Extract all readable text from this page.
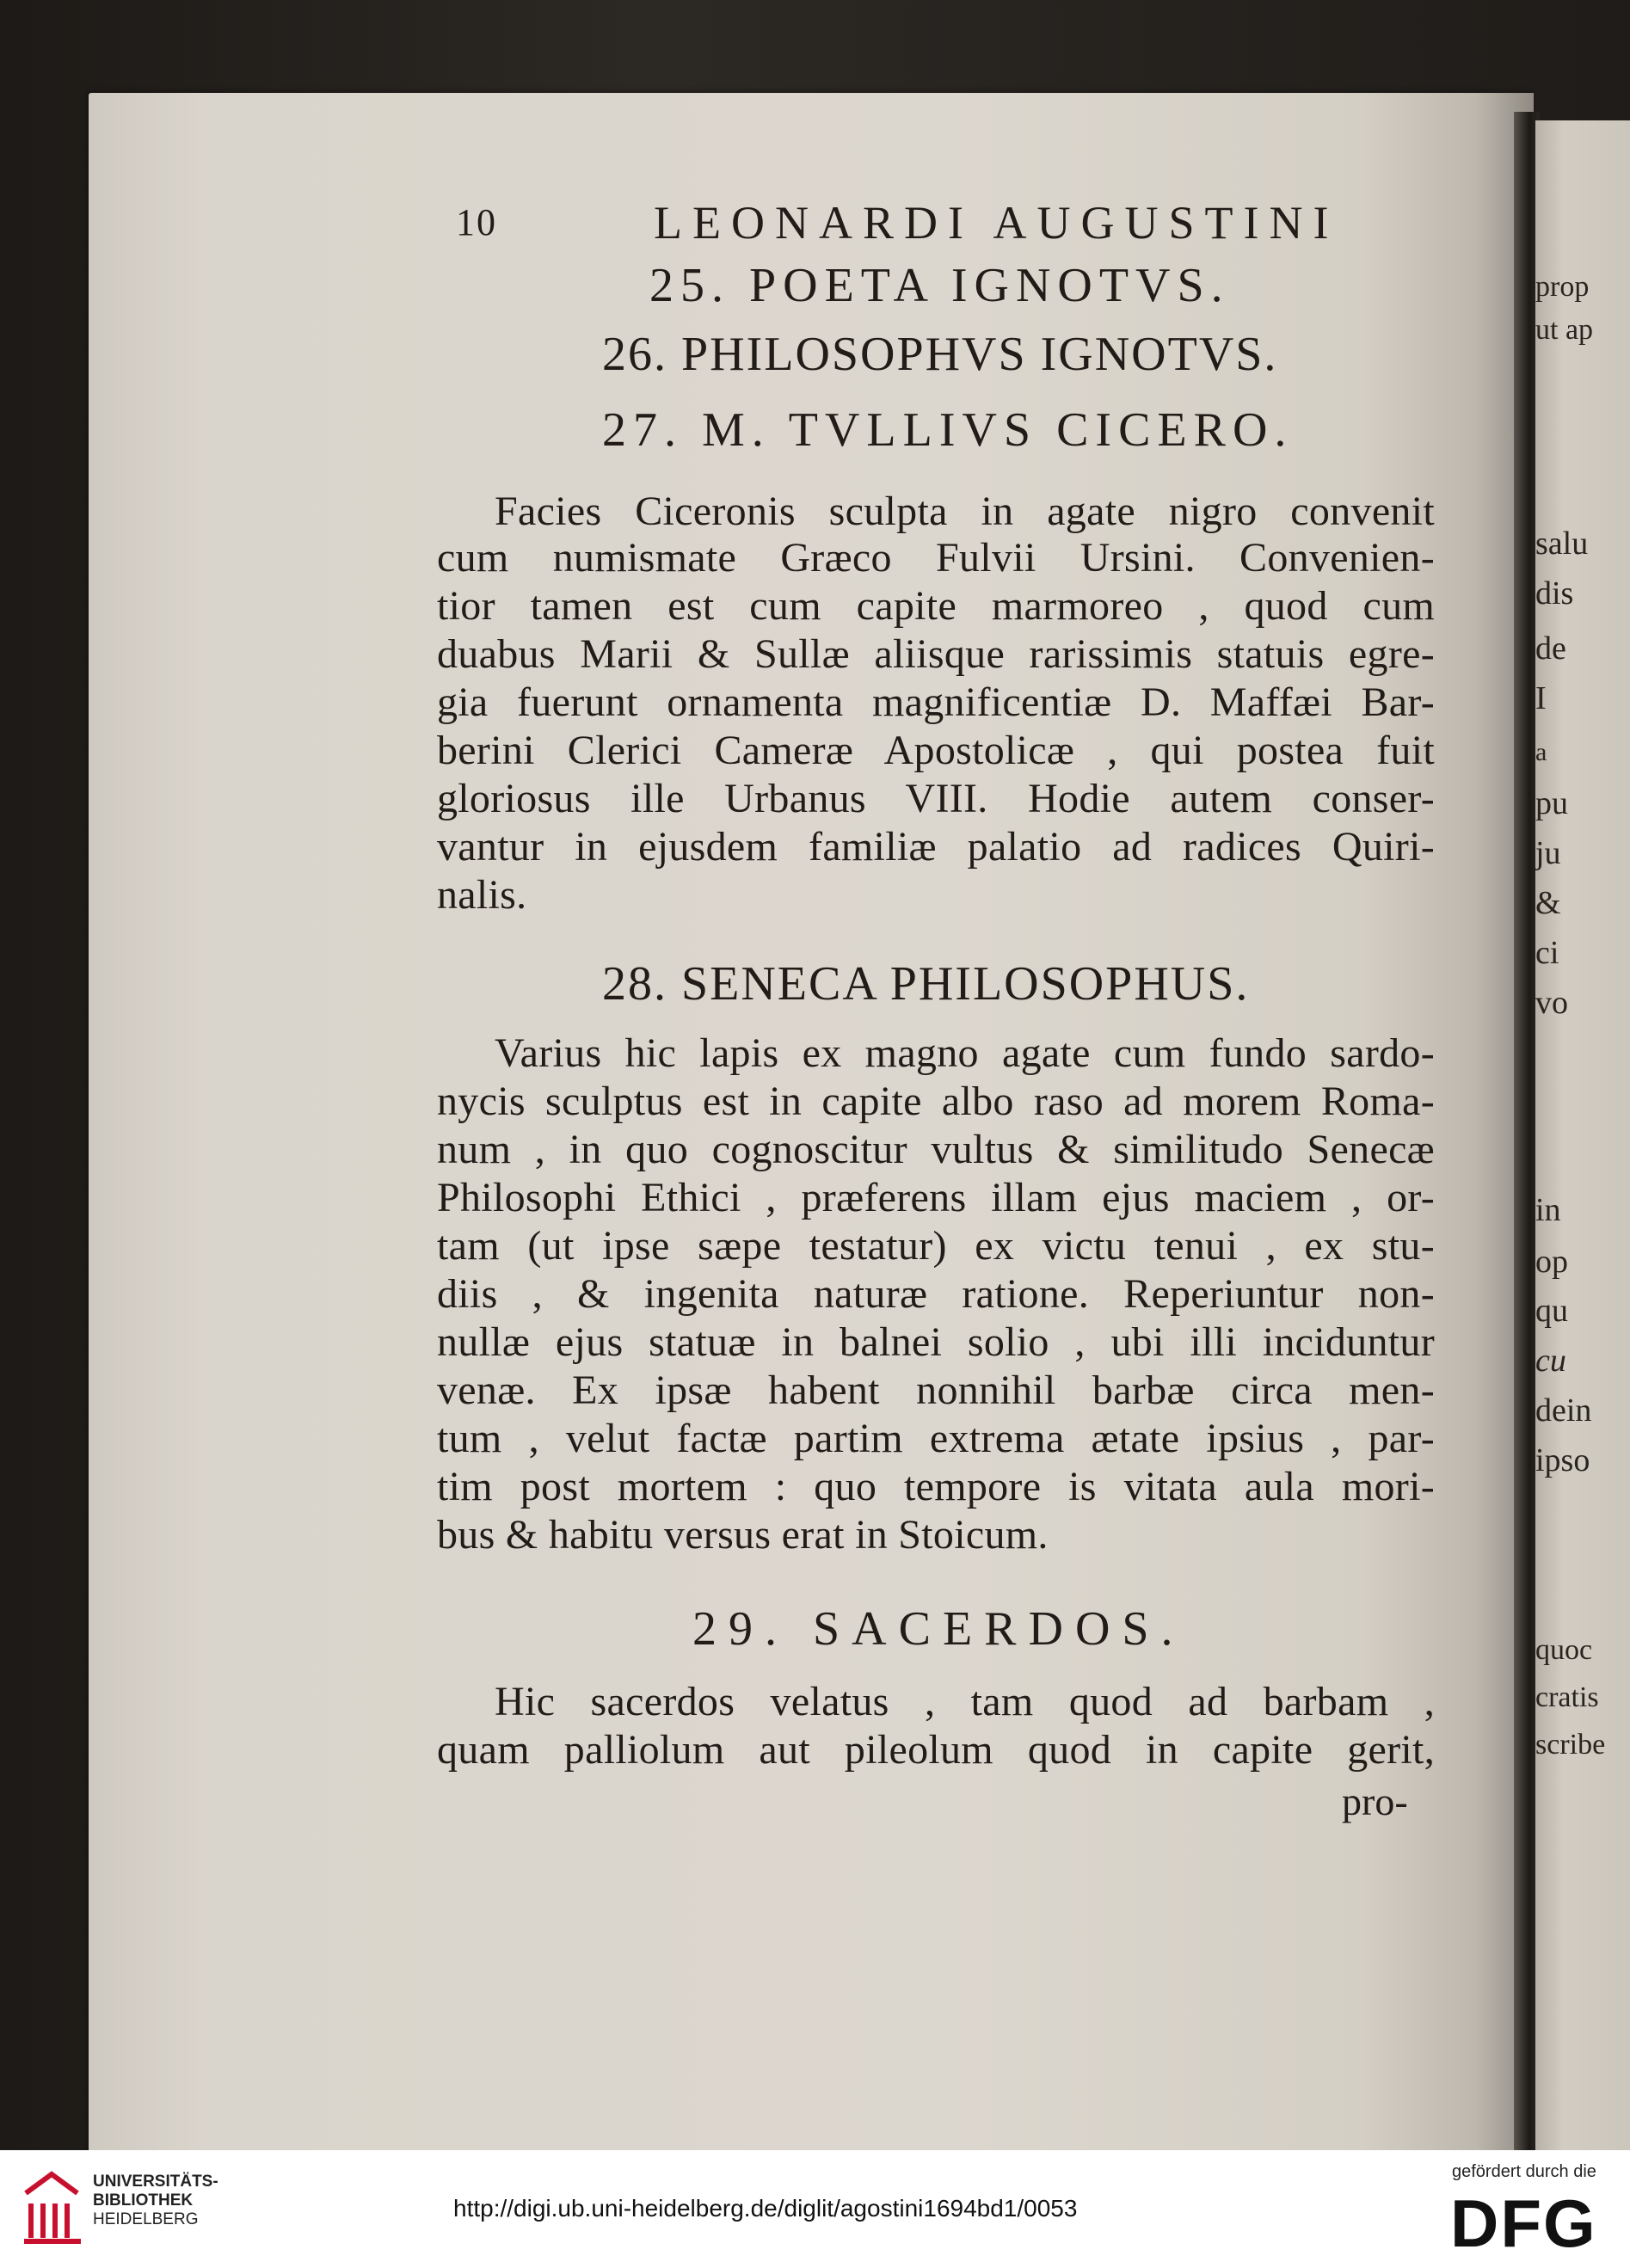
prop
ut ap
salu
dis
de
I
a
pu
ju
&
ci
vo
in
op
qu
cu
dein
ipso
quoc
cratis
scribe
10	LEONARDI AUGUSTINI
25. POETA IGNOTVS.
26. PHILOSOPHVS IGNOTVS.
27. M. TVLLIVS CICERO.
Facies Ciceronis sculpta in agate nigro convenit
cum numismate Græco Fulvii Ursini. Convenien-
tior tamen est cum capite marmoreo , quod cum
duabus Marii & Sullæ aliisque rarissimis statuis egre-
gia fuerunt ornamenta magnificentiæ D. Maffæi Bar-
berini Clerici Cameræ Apostolicæ , qui postea fuit
gloriosus ille Urbanus VIII. Hodie autem conser-
vantur in ejusdem familiæ palatio ad radices Quiri-
nalis.
28. SENECA PHILOSOPHUS.
Varius hic lapis ex magno agate cum fundo sardo-
nycis sculptus est in capite albo raso ad morem Roma-
num , in quo cognoscitur vultus & similitudo Senecæ
Philosophi Ethici , præferens illam ejus maciem , or-
tam (ut ipse sæpe testatur) ex victu tenui , ex stu-
diis , & ingenita naturæ ratione. Reperiuntur non-
nullæ ejus statuæ in balnei solio , ubi illi inciduntur
venæ. Ex ipsæ habent nonnihil barbæ circa men-
tum , velut factæ partim extrema ætate ipsius , par-
tim post mortem : quo tempore is vitata aula mori-
bus & habitu versus erat in Stoicum.
29. SACERDOS.
Hic sacerdos velatus , tam quod ad barbam ,
quam palliolum aut pileolum quod in capite gerit,
pro-
UNIVERSITÄTS-
BIBLIOTHEK
HEIDELBERG	http://digi.ub.uni-heidelberg.de/diglit/agostini1694bd1/0053
gefördert durch die
DFG
